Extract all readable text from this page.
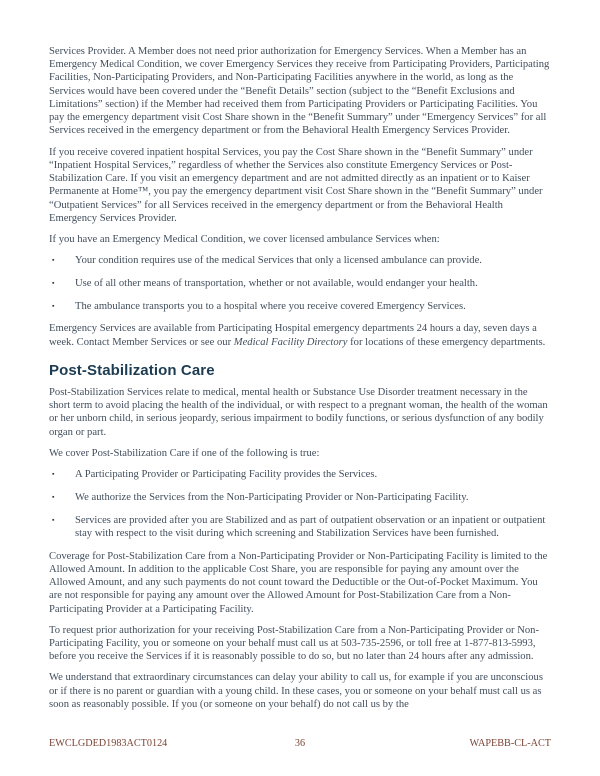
Services Provider. A Member does not need prior authorization for Emergency Services. When a Member has an Emergency Medical Condition, we cover Emergency Services they receive from Participating Providers, Participating Facilities, Non-Participating Providers, and Non-Participating Facilities anywhere in the world, as long as the Services would have been covered under the “Benefit Details” section (subject to the “Benefit Exclusions and Limitations” section) if the Member had received them from Participating Providers or Participating Facilities. You pay the emergency department visit Cost Share shown in the “Benefit Summary” under “Emergency Services” for all Services received in the emergency department or from the Behavioral Health Emergency Services Provider.

If you receive covered inpatient hospital Services, you pay the Cost Share shown in the “Benefit Summary” under “Inpatient Hospital Services,” regardless of whether the Services also constitute Emergency Services or Post-Stabilization Care. If you visit an emergency department and are not admitted directly as an inpatient or to Kaiser Permanente at Home™, you pay the emergency department visit Cost Share shown in the “Benefit Summary” under “Outpatient Services” for all Services received in the emergency department or from the Behavioral Health Emergency Services Provider.

If you have an Emergency Medical Condition, we cover licensed ambulance Services when:

▪	Your condition requires use of the medical Services that only a licensed ambulance can provide.
▪	Use of all other means of transportation, whether or not available, would endanger your health.
▪	The ambulance transports you to a hospital where you receive covered Emergency Services.

Emergency Services are available from Participating Hospital emergency departments 24 hours a day, seven days a week. Contact Member Services or see our Medical Facility Directory for locations of these emergency departments.

Post-Stabilization Care

Post-Stabilization Services relate to medical, mental health or Substance Use Disorder treatment necessary in the short term to avoid placing the health of the individual, or with respect to a pregnant woman, the health of the woman or her unborn child, in serious jeopardy, serious impairment to bodily functions, or serious dysfunction of any bodily organ or part.

We cover Post-Stabilization Care if one of the following is true:

▪	A Participating Provider or Participating Facility provides the Services.
▪	We authorize the Services from the Non-Participating Provider or Non-Participating Facility.
▪	Services are provided after you are Stabilized and as part of outpatient observation or an inpatient or outpatient stay with respect to the visit during which screening and Stabilization Services have been furnished.

Coverage for Post-Stabilization Care from a Non-Participating Provider or Non-Participating Facility is limited to the Allowed Amount. In addition to the applicable Cost Share, you are responsible for paying any amount over the Allowed Amount, and any such payments do not count toward the Deductible or the Out-of-Pocket Maximum. You are not responsible for paying any amount over the Allowed Amount for Post-Stabilization Care from a Non-Participating Provider at a Participating Facility.

To request prior authorization for your receiving Post-Stabilization Care from a Non-Participating Provider or Non-Participating Facility, you or someone on your behalf must call us at 503-735-2596, or toll free at 1-877-813-5993, before you receive the Services if it is reasonably possible to do so, but no later than 24 hours after any admission.

We understand that extraordinary circumstances can delay your ability to call us, for example if you are unconscious or if there is no parent or guardian with a young child. In these cases, you or someone on your behalf must call us as soon as reasonably possible. If you (or someone on your behalf) do not call us by the

EWCLGDED1983ACT0124	36	WAPEBB-CL-ACT
